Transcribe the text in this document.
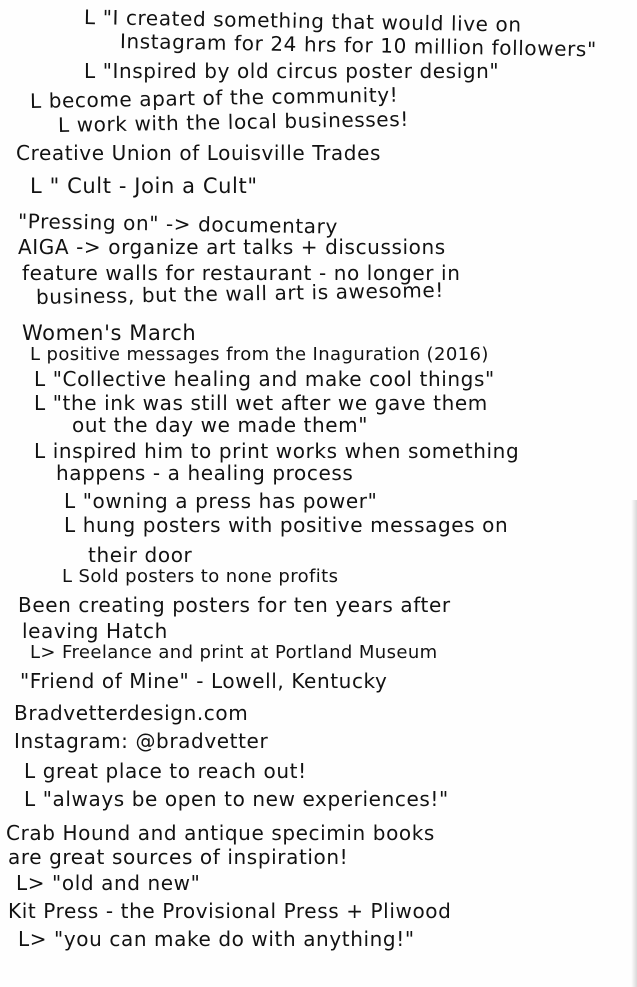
L "I created something that would live on
Instagram for 24 hrs for 10 million followers"
L "Inspired by old circus poster design"
L become apart of the community!
L work with the local businesses!
Creative Union of Louisville Trades
L " Cult - Join a Cult"
"Pressing on" -> documentary
AIGA -> organize art talks + discussions
feature walls for restaurant - no longer in
business, but the wall art is awesome!
Women's March
L positive messages from the Inaguration (2016)
L "Collective healing and make cool things"
L "the ink was still wet after we gave them
out the day we made them"
L inspired him to print works when something
happens - a healing process
L "owning a press has power"
L hung posters with positive messages on
their door
L Sold posters to none profits
Been creating posters for ten years after
leaving Hatch
L> Freelance and print at Portland Museum
"Friend of Mine" - Lowell, Kentucky
Bradvetterdesign.com
Instagram: @bradvetter
L great place to reach out!
L "always be open to new experiences!"
Crab Hound and antique specimin books
are great sources of inspiration!
L> "old and new"
Kit Press - the Provisional Press + Pliwood
L> "you can make do with anything!"
